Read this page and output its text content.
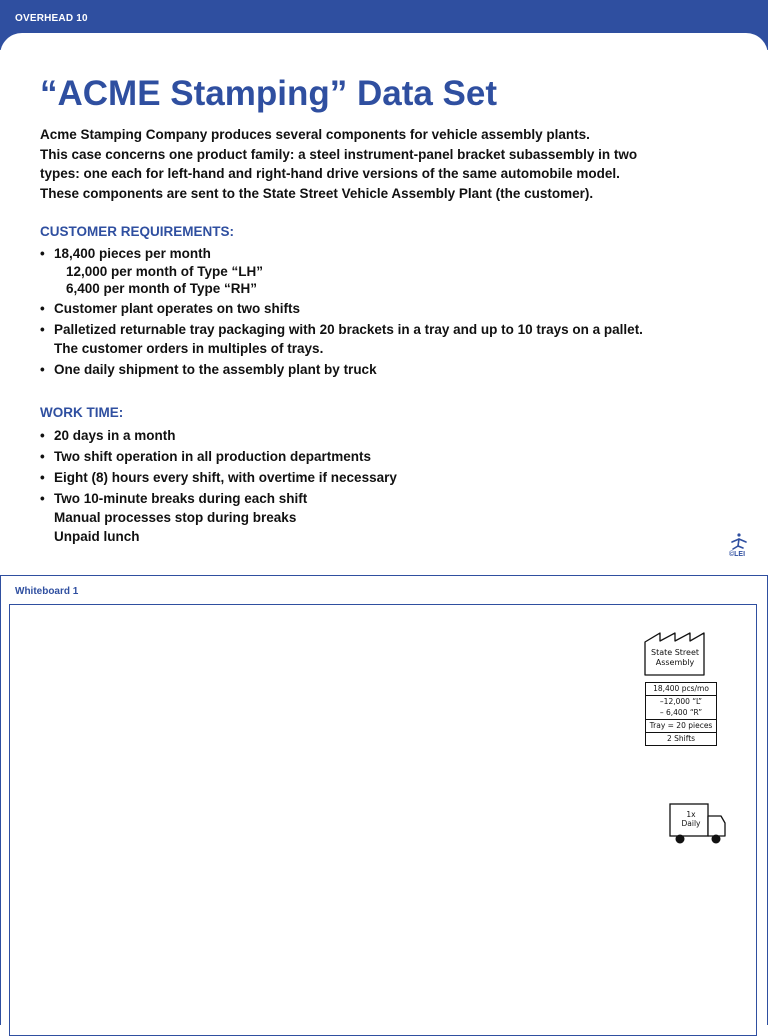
OVERHEAD 10
“ACME Stamping” Data Set

Acme Stamping Company produces several components for vehicle assembly plants.
This case concerns one product family: a steel instrument-panel bracket subassembly in two
types: one each for left-hand and right-hand drive versions of the same automobile model.
These components are sent to the State Street Vehicle Assembly Plant (the customer).

CUSTOMER REQUIREMENTS:
• 18,400 pieces per month
12,000 per month of Type “LH”
6,400 per month of Type “RH”
• Customer plant operates on two shifts
• Palletized returnable tray packaging with 20 brackets in a tray and up to 10 trays on a pallet.
The customer orders in multiples of trays.
• One daily shipment to the assembly plant by truck
WORK TIME:
• 20 days in a month
• Two shift operation in all production departments
• Eight (8) hours every shift, with overtime if necessary
• Two 10-minute breaks during each shift
Manual processes stop during breaks
Unpaid lunch
©LEI
Whiteboard 1
State Street Assembly
18,400 pcs/mo
–12,000 “L”
– 6,400 “R”
Tray = 20 pieces
2 Shifts
1x
Daily
